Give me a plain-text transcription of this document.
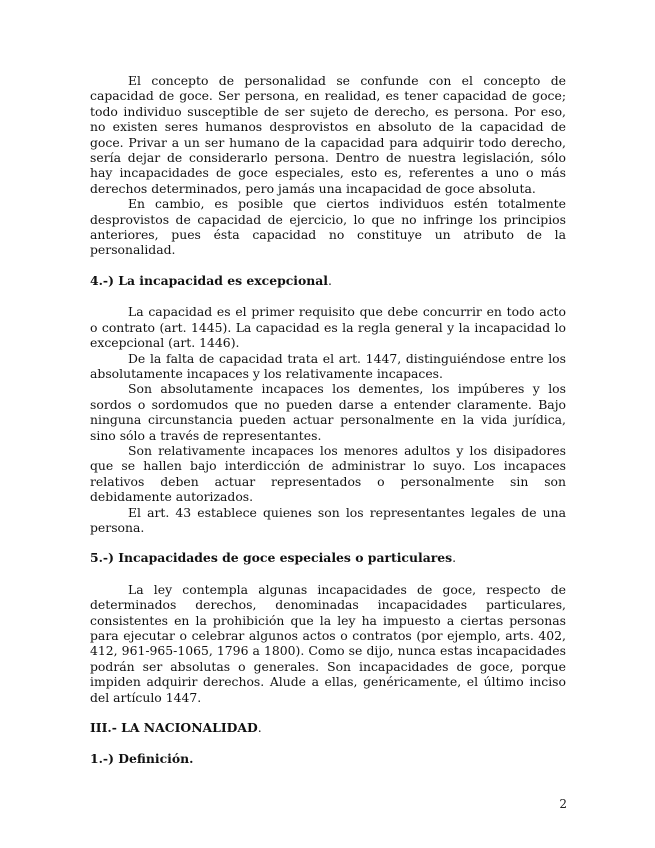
El concepto de personalidad se confunde con el concepto de capacidad de goce. Ser persona, en realidad, es tener capacidad de goce; todo individuo susceptible de ser sujeto de derecho, es persona. Por eso, no existen seres humanos desprovistos en absoluto de la capacidad de goce. Privar a un ser humano de la capacidad para adquirir todo derecho, sería dejar de considerarlo persona. Dentro de nuestra legislación, sólo hay incapacidades de goce especiales, esto es, referentes a uno o más derechos determinados, pero jamás una incapacidad de goce absoluta.

En cambio, es posible que ciertos individuos estén totalmente desprovistos de capacidad de ejercicio, lo que no infringe los principios anteriores, pues ésta capacidad no constituye un atributo de la personalidad.

4.-) La incapacidad es excepcional.

La capacidad es el primer requisito que debe concurrir en todo acto o contrato (art. 1445). La capacidad es la regla general y la incapacidad lo excepcional (art. 1446).

De la falta de capacidad trata el art. 1447, distinguiéndose entre los absolutamente incapaces y los relativamente incapaces.

Son absolutamente incapaces los dementes, los impúberes y los sordos o sordomudos que no pueden darse a entender claramente. Bajo ninguna circunstancia pueden actuar personalmente en la vida jurídica, sino sólo a través de representantes.

Son relativamente incapaces los menores adultos y los disipadores que se hallen bajo interdicción de administrar lo suyo. Los incapaces relativos deben actuar representados o personalmente sin son debidamente autorizados.

El art. 43 establece quienes son los representantes legales de una persona.

5.-) Incapacidades de goce especiales o particulares.

La ley contempla algunas incapacidades de goce, respecto de determinados derechos, denominadas incapacidades particulares, consistentes en la prohibición que la ley ha impuesto a ciertas personas para ejecutar o celebrar algunos actos o contratos (por ejemplo, arts. 402, 412, 961-965-1065, 1796 a 1800). Como se dijo, nunca estas incapacidades podrán ser absolutas o generales. Son incapacidades de goce, porque impiden adquirir derechos. Alude a ellas, genéricamente, el último inciso del artículo 1447.

III.- LA NACIONALIDAD.

1.-) Definición.

2
